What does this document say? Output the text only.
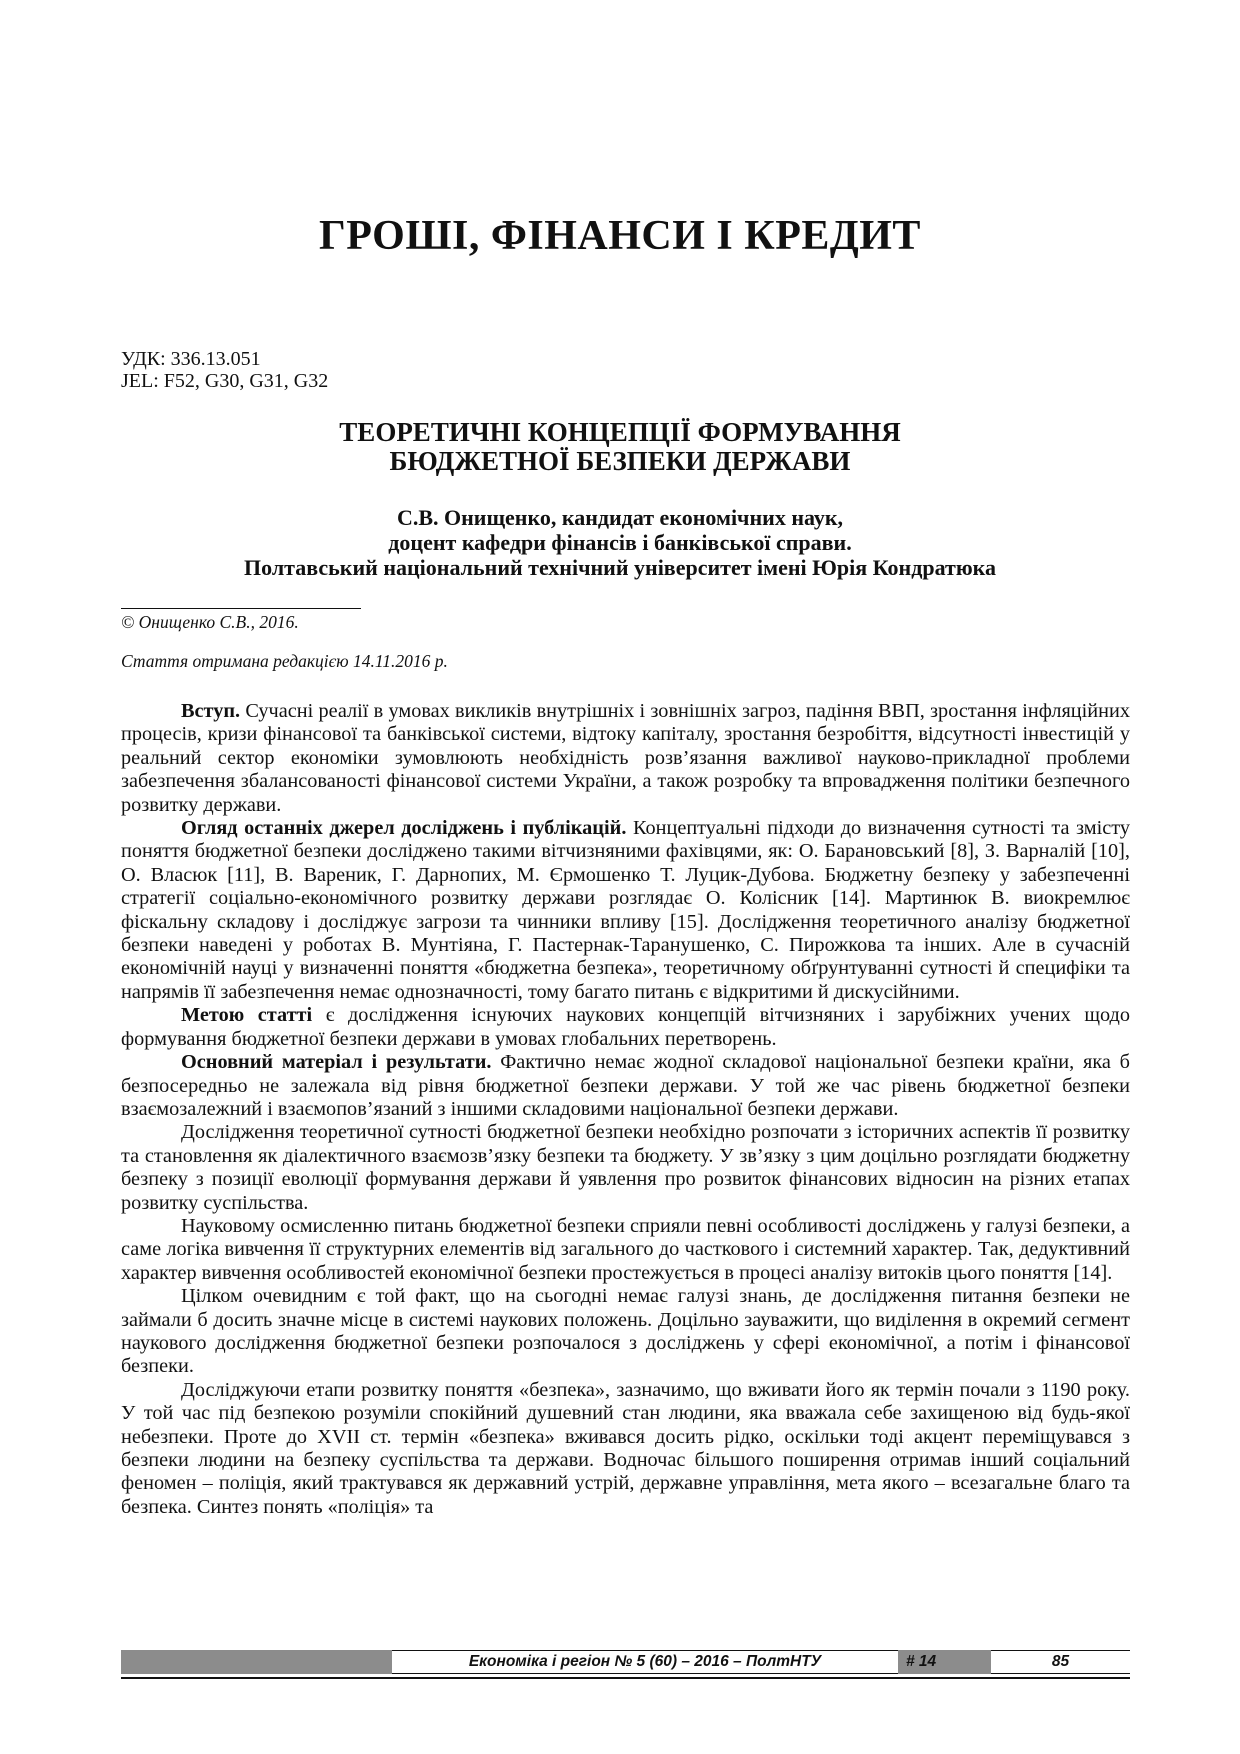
ГРОШІ, ФІНАНСИ І КРЕДИТ
УДК: 336.13.051
JEL: F52, G30, G31, G32
ТЕОРЕТИЧНІ КОНЦЕПЦІЇ ФОРМУВАННЯ
БЮДЖЕТНОЇ БЕЗПЕКИ ДЕРЖАВИ
С.В. Онищенко, кандидат економічних наук,
доцент кафедри фінансів і банківської справи.
Полтавський національний технічний університет імені Юрія Кондратюка
© Онищенко С.В., 2016.
Стаття отримана редакцією 14.11.2016 р.

Вступ. Сучасні реалії в умовах викликів внутрішніх і зовнішніх загроз, падіння ВВП, зростання інфляційних процесів, кризи фінансової та банківської системи, відтоку капіталу, зростання безробіття, відсутності інвестицій у реальний сектор економіки зумовлюють необхідність розв’язання важливої науково-прикладної проблеми забезпечення збалансованості фінансової системи України, а також розробку та впровадження політики безпечного розвитку держави.

Огляд останніх джерел досліджень і публікацій. Концептуальні підходи до визначення сутності та змісту поняття бюджетної безпеки досліджено такими вітчизняними фахівцями, як: О. Барановський [8], З. Варналій [10], О. Власюк [11], В. Вареник, Г. Дарнопих, М. Єрмошенко Т. Луцик-Дубова. Бюджетну безпеку у забезпеченні стратегії соціально-економічного розвитку держави розглядає О. Колісник [14]. Мартинюк В. виокремлює фіскальну складову і досліджує загрози та чинники впливу [15]. Дослідження теоретичного аналізу бюджетної безпеки наведені у роботах В. Мунтіяна, Г. Пастернак-Таранушенко, С. Пирожкова та інших. Але в сучасній економічній науці у визначенні поняття «бюджетна безпека», теоретичному обґрунтуванні сутності й специфіки та напрямів її забезпечення немає однозначності, тому багато питань є відкритими й дискусійними.

Метою статті є дослідження існуючих наукових концепцій вітчизняних і зарубіжних учених щодо формування бюджетної безпеки держави в умовах глобальних перетворень.

Основний матеріал і результати. Фактично немає жодної складової національної безпеки країни, яка б безпосередньо не залежала від рівня бюджетної безпеки держави. У той же час рівень бюджетної безпеки взаємозалежний і взаємопов’язаний з іншими складовими національної безпеки держави.

Дослідження теоретичної сутності бюджетної безпеки необхідно розпочати з історичних аспектів її розвитку та становлення як діалектичного взаємозв’язку безпеки та бюджету. У зв’язку з цим доцільно розглядати бюджетну безпеку з позиції еволюції формування держави й уявлення про розвиток фінансових відносин на різних етапах розвитку суспільства.

Науковому осмисленню питань бюджетної безпеки сприяли певні особливості досліджень у галузі безпеки, а саме логіка вивчення її структурних елементів від загального до часткового і системний характер. Так, дедуктивний характер вивчення особливостей економічної безпеки простежується в процесі аналізу витоків цього поняття [14].

Цілком очевидним є той факт, що на сьогодні немає галузі знань, де дослідження питання безпеки не займали б досить значне місце в системі наукових положень. Доцільно зауважити, що виділення в окремий сегмент наукового дослідження бюджетної безпеки розпочалося з досліджень у сфері економічної, а потім і фінансової безпеки.

Досліджуючи етапи розвитку поняття «безпека», зазначимо, що вживати його як термін почали з 1190 року. У той час під безпекою розуміли спокійний душевний стан людини, яка вважала себе захищеною від будь-якої небезпеки. Проте до XVII ст. термін «безпека» вживався досить рідко, оскільки тоді акцент переміщувався з безпеки людини на безпеку суспільства та держави. Водночас більшого поширення отримав інший соціальний феномен – поліція, який трактувався як державний устрій, державне управління, мета якого – всезагальне благо та безпека. Синтез понять «поліція» та

Економіка і регіон № 5 (60) – 2016 – ПолтНТУ	# 14	85
